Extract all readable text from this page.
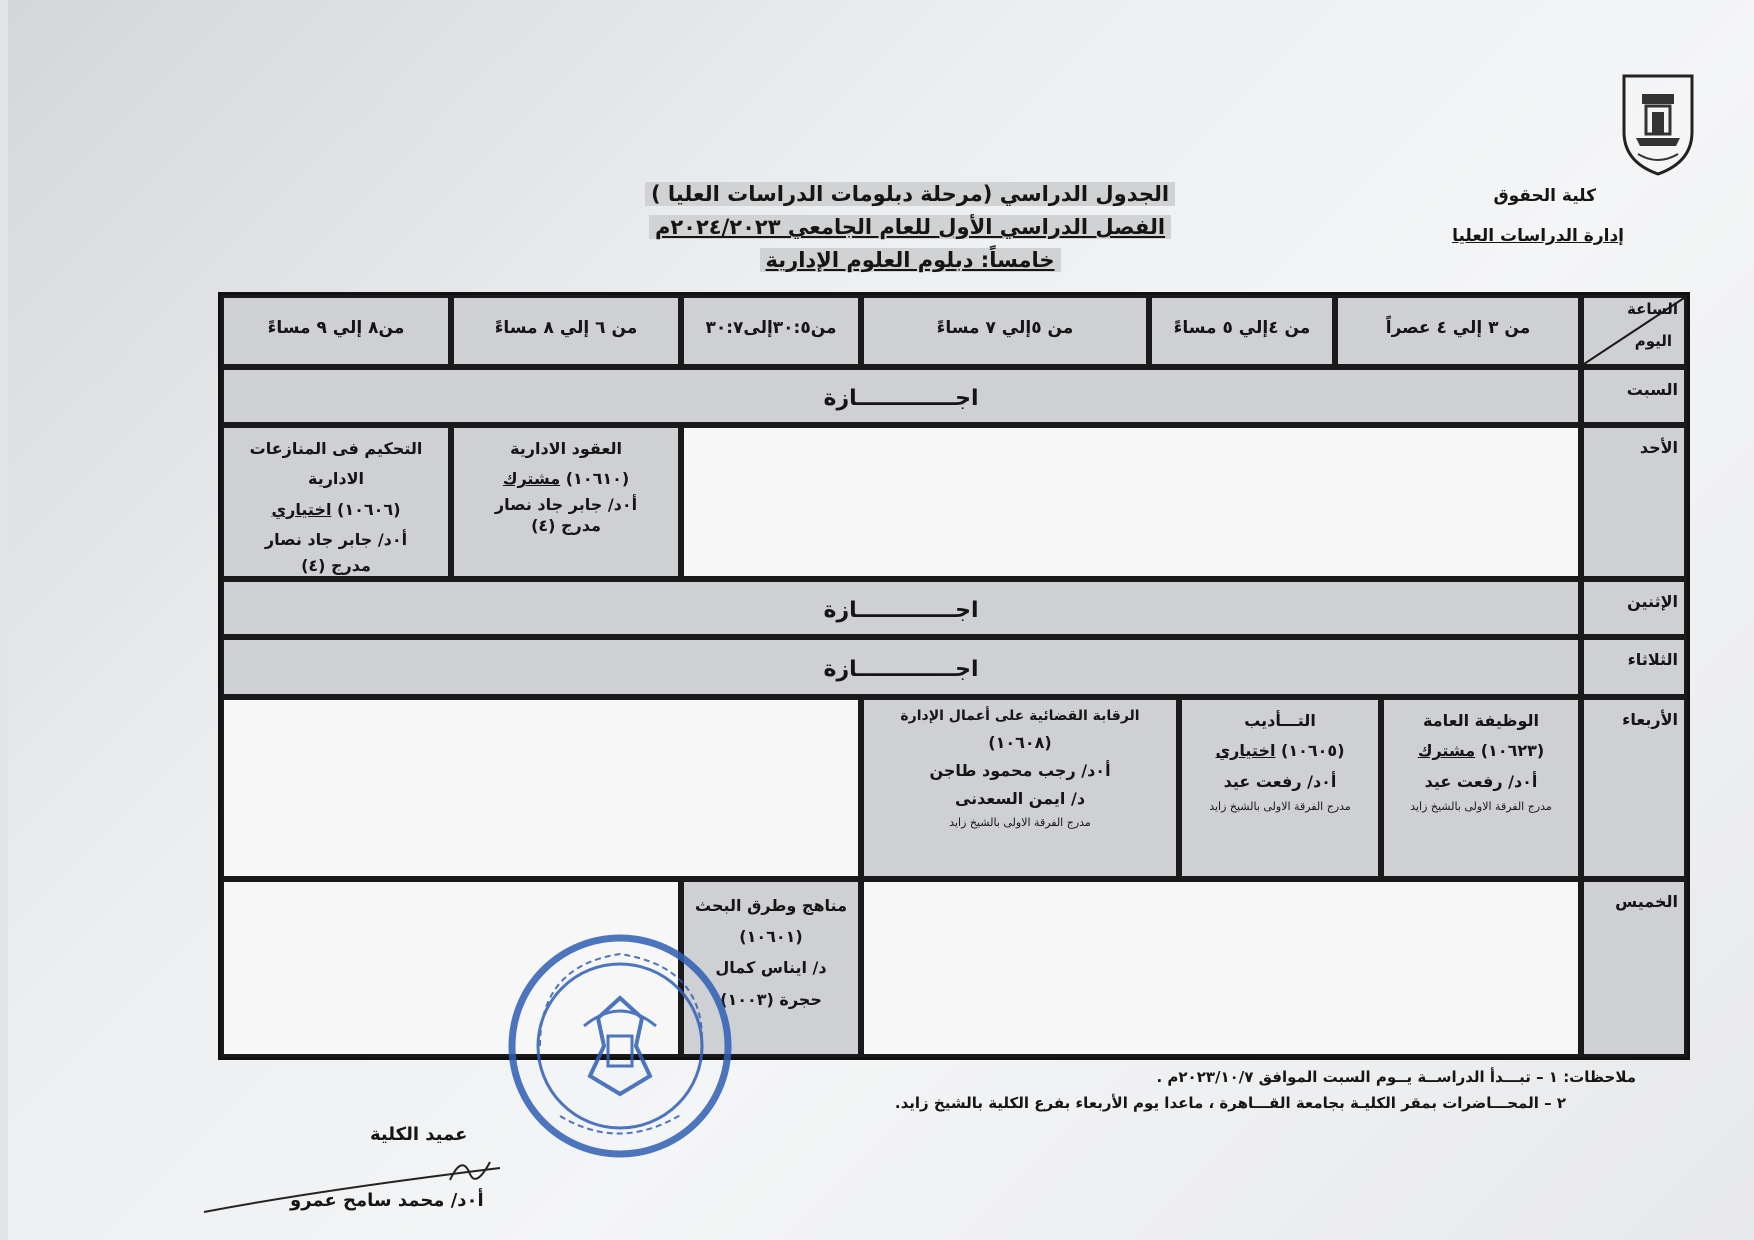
كلية الحقوق
إدارة الدراسات العليا
الجدول الدراسي (مرحلة دبلومات الدراسات العليا )
الفصل الدراسي الأول للعام الجامعي ٢٠٢٤/٢٠٢٣م
خامساً: دبلوم العلوم الإدارية
الساعة
اليوم
من ٣ إلي ٤ عصراً
من ٤إلي ٥ مساءً
من ٥إلي ٧ مساءً
من٣٠:٥إلى٣٠:٧
من ٦ إلي ٨ مساءً
من٨ إلي ٩ مساءً
السبت
اجـــــــــــــازة
الأحد
العقود الادارية
(١٠٦١٠) مشترك
أ٠د/ جابر جاد نصار
مدرج (٤)
التحكيم فى المنازعات الادارية
(١٠٦٠٦) اختياري
أ٠د/ جابر جاد نصار
مدرج (٤)
الإثنين
اجـــــــــــــازة
الثلاثاء
اجـــــــــــــازة
الأربعاء
الوظيفة العامة
(١٠٦٢٣) مشترك
أ٠د/ رفعت عيد
مدرج الفرقة الاولى بالشيخ زايد
التـــأديب
(١٠٦٠٥) اختياري
أ٠د/ رفعت عيد
مدرج الفرقة الاولى بالشيخ زايد
الرقابة القضائية على أعمال الإدارة
(١٠٦٠٨)
أ٠د/ رجب محمود طاجن
د/ ايمن السعدنى
مدرج الفرقة الاولى بالشيخ زايد
الخميس
مناهج وطرق البحث
(١٠٦٠١)
د/ ايناس كمال
حجرة (١٠٠٣)
ملاحظات: ١ – تبـــدأ الدراســة يــوم السبت الموافق ٢٠٢٣/١٠/٧م .
٢ – المحـــاضرات بمقر الكليـة بجامعة القـــاهرة ، ماعدا يوم الأربعاء بفرع الكلية بالشيخ زايد.
عميد الكلية
أ٠د/ محمد سامح عمرو
